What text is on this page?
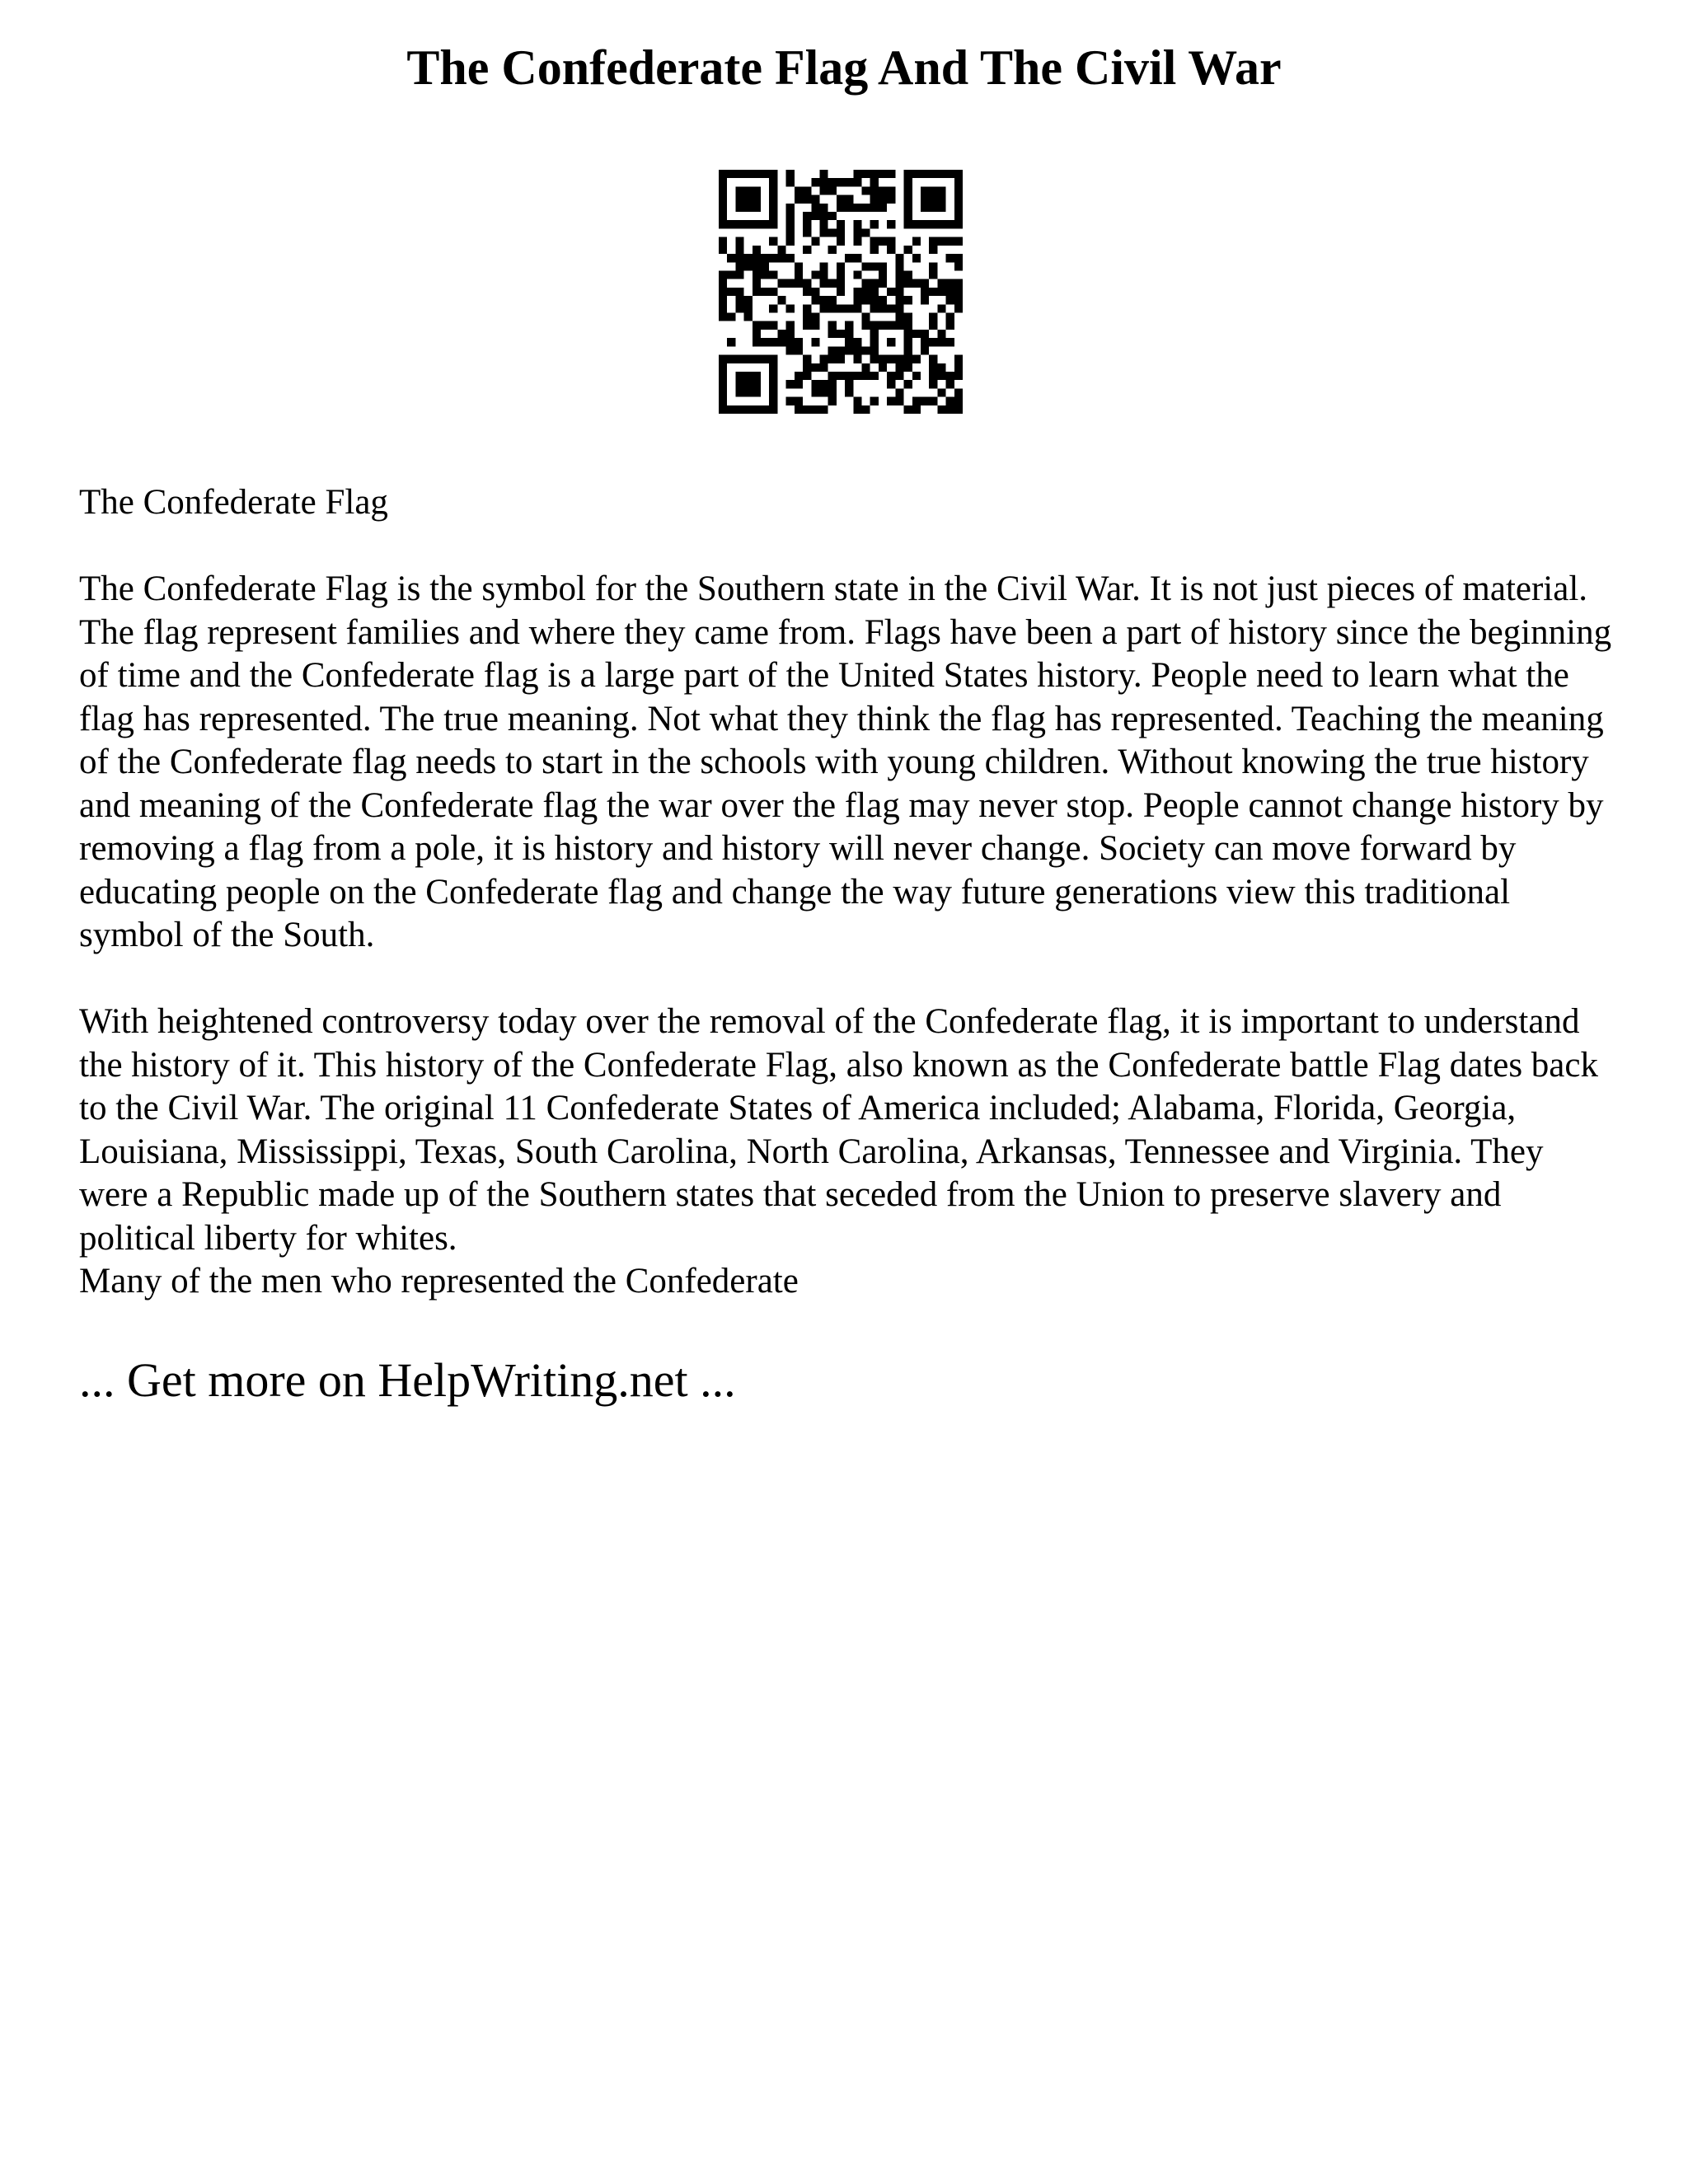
The Confederate Flag And The Civil War

The Confederate Flag

The Confederate Flag is the symbol for the Southern state in the Civil War. It is not just pieces of material. The flag represent families and where they came from. Flags have been a part of history since the beginning of time and the Confederate flag is a large part of the United States history. People need to learn what the flag has represented. The true meaning. Not what they think the flag has represented. Teaching the meaning of the Confederate flag needs to start in the schools with young children. Without knowing the true history and meaning of the Confederate flag the war over the flag may never stop. People cannot change history by removing a flag from a pole, it is history and history will never change. Society can move forward by educating people on the Confederate flag and change the way future generations view this traditional symbol of the South.

With heightened controversy today over the removal of the Confederate flag, it is important to understand the history of it. This history of the Confederate Flag, also known as the Confederate battle Flag dates back to the Civil War. The original 11 Confederate States of America included; Alabama, Florida, Georgia, Louisiana, Mississippi, Texas, South Carolina, North Carolina, Arkansas, Tennessee and Virginia. They were a Republic made up of the Southern states that seceded from the Union to preserve slavery and political liberty for whites.

Many of the men who represented the Confederate

... Get more on HelpWriting.net ...
